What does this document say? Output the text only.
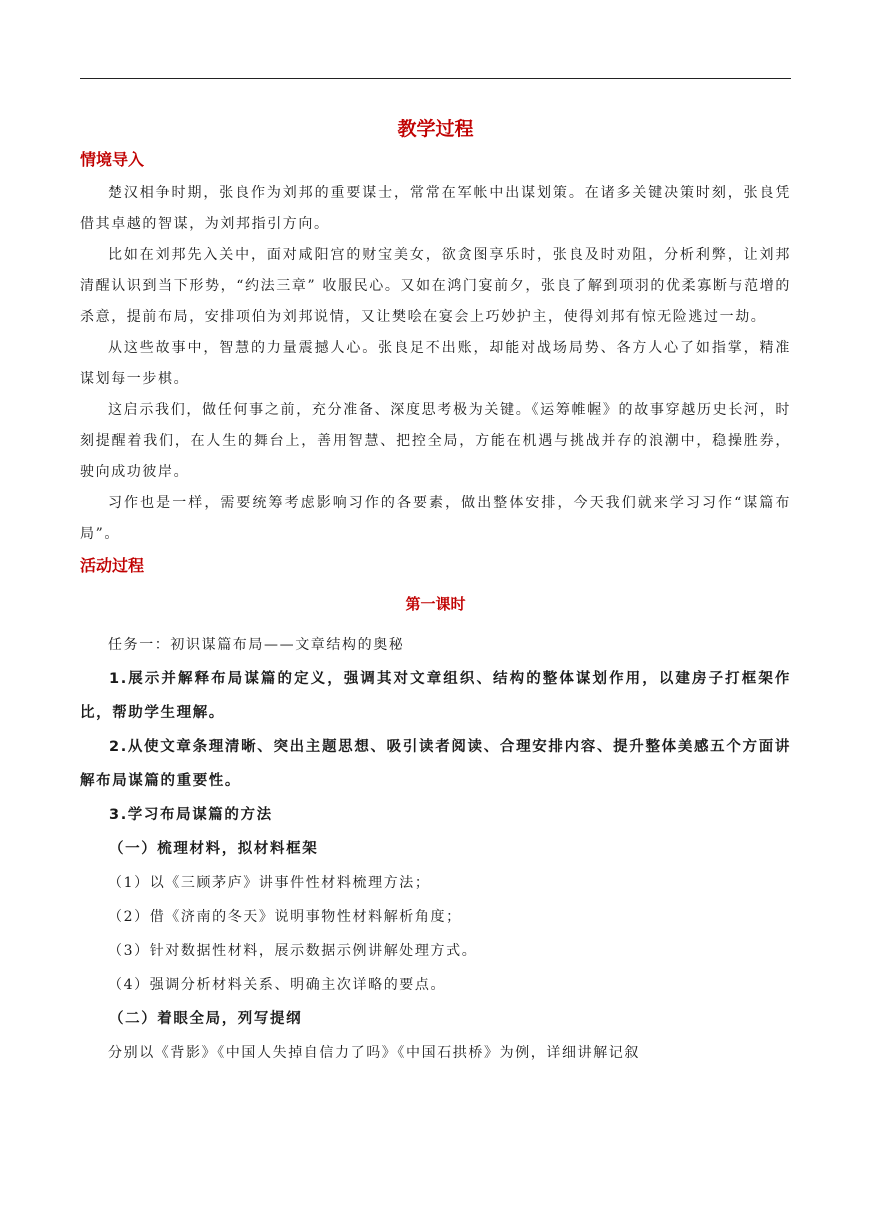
教学过程
情境导入

楚汉相争时期，张良作为刘邦的重要谋士，常常在军帐中出谋划策。在诸多关键决策时刻，张良凭借其卓越的智谋，为刘邦指引方向。

比如在刘邦先入关中，面对咸阳宫的财宝美女，欲贪图享乐时，张良及时劝阻，分析利弊，让刘邦清醒认识到当下形势，“约法三章” 收服民心。又如在鸿门宴前夕，张良了解到项羽的优柔寡断与范增的杀意，提前布局，安排项伯为刘邦说情，又让樊哙在宴会上巧妙护主，使得刘邦有惊无险逃过一劫。

从这些故事中，智慧的力量震撼人心。张良足不出账，却能对战场局势、各方人心了如指掌，精准谋划每一步棋。

这启示我们，做任何事之前，充分准备、深度思考极为关键。《运筹帷幄》的故事穿越历史长河，时刻提醒着我们，在人生的舞台上，善用智慧、把控全局，方能在机遇与挑战并存的浪潮中，稳操胜券，驶向成功彼岸。

习作也是一样，需要统筹考虑影响习作的各要素，做出整体安排，今天我们就来学习习作“谋篇布局”。

活动过程
第一课时

任务一：初识谋篇布局——文章结构的奥秘

1.展示并解释布局谋篇的定义，强调其对文章组织、结构的整体谋划作用，以建房子打框架作比，帮助学生理解。

2.从使文章条理清晰、突出主题思想、吸引读者阅读、合理安排内容、提升整体美感五个方面讲解布局谋篇的重要性。

3.学习布局谋篇的方法

（一）梳理材料，拟材料框架

（1）以《三顾茅庐》讲事件性材料梳理方法；

（2）借《济南的冬天》说明事物性材料解析角度；

（3）针对数据性材料，展示数据示例讲解处理方式。

（4）强调分析材料关系、明确主次详略的要点。

（二）着眼全局，列写提纲

分别以《背影》《中国人失掉自信力了吗》《中国石拱桥》为例，详细讲解记叙
